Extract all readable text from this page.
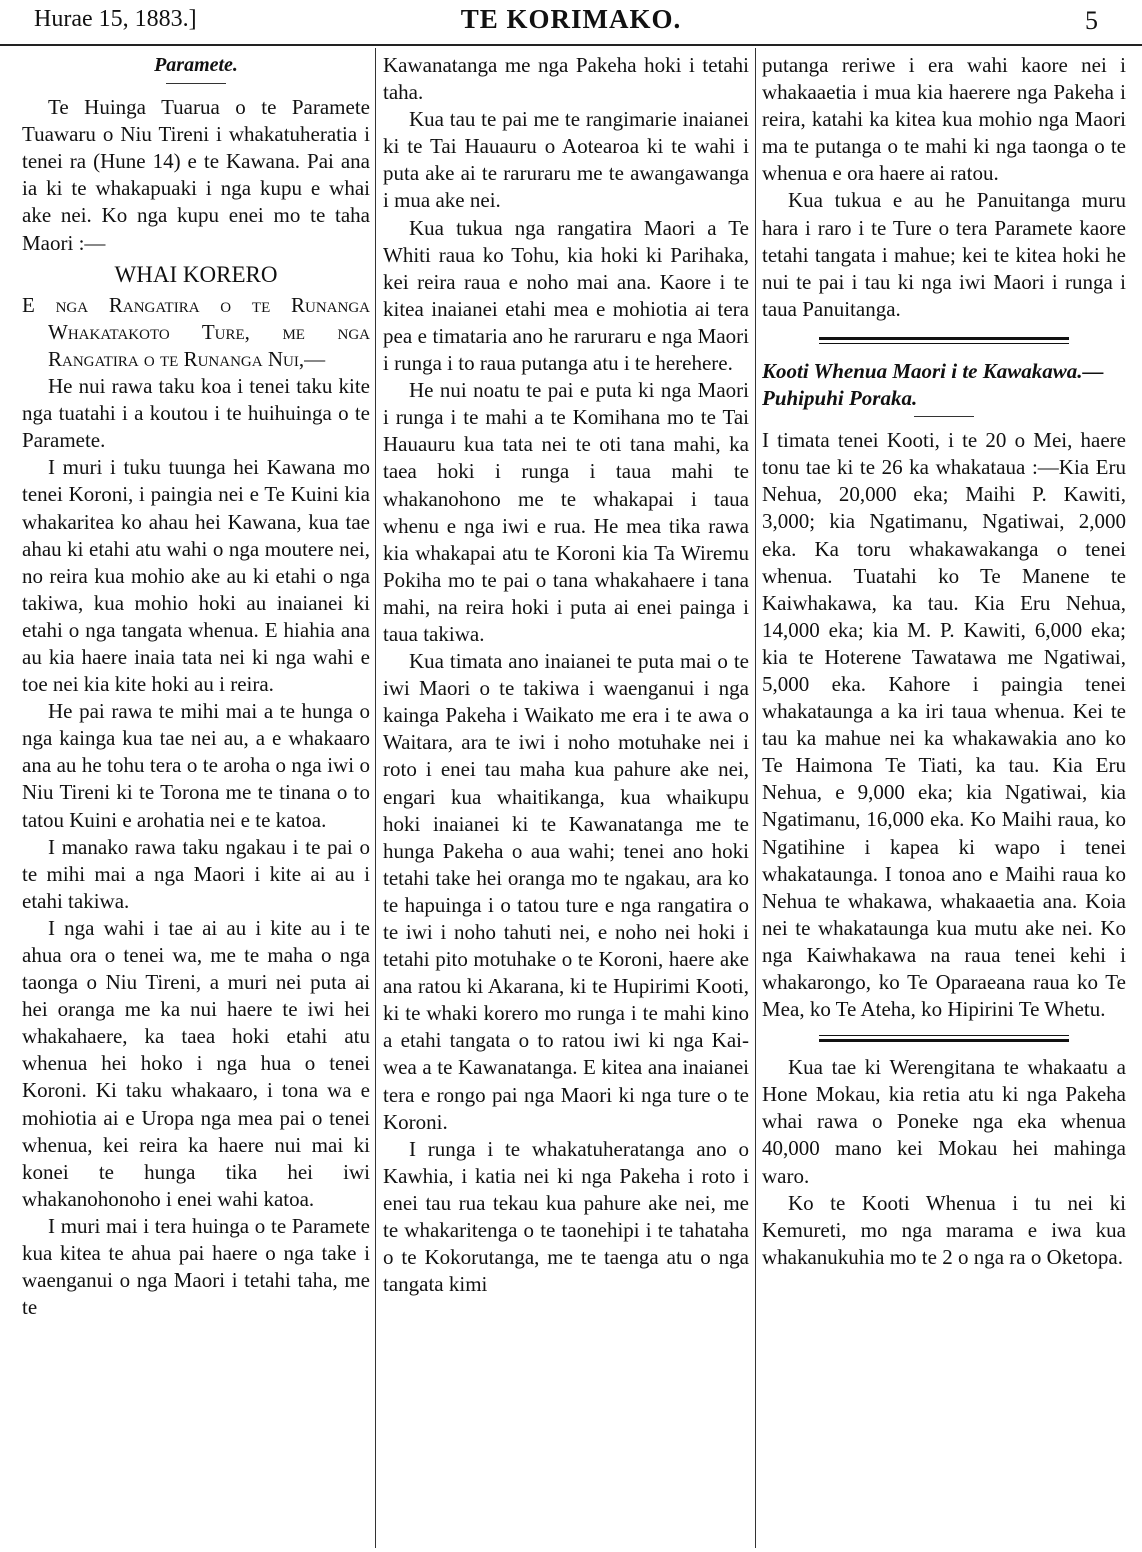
Hurae 15, 1883.]	TE KORIMAKO.	5
Paramete.

Te Huinga Tuarua o te Paramete Tuawaru o Niu Tireni i whakatuheratia i tenei ra (Hune 14) e te Kawana. Pai ana ia ki te whakapuaki i nga kupu e whai ake nei. Ko nga kupu enei mo te taha Maori :—

WHAI KORERO

E nga Rangatira o te Runanga Whakatakoto Ture, me nga Rangatira o te Runanga Nui,—

He nui rawa taku koa i tenei taku kite nga tuatahi i a koutou i te huihuinga o te Paramete.

I muri i tuku tuunga hei Kawana mo tenei Koroni, i paingia nei e Te Kuini kia whakaritea ko ahau hei Kawana, kua tae ahau ki etahi atu wahi o nga moutere nei, no reira kua mohio ake au ki etahi o nga takiwa, kua mohio hoki au inaianei ki etahi o nga tangata whenua. E hiahia ana au kia haere inaia tata nei ki nga wahi e toe nei kia kite hoki au i reira.

He pai rawa te mihi mai a te hunga o nga kainga kua tae nei au, a e whakaaro ana au he tohu tera o te aroha o nga iwi o Niu Tireni ki te Torona me te tinana o to tatou Kuini e arohatia nei e te katoa.

I manako rawa taku ngakau i te pai o te mihi mai a nga Maori i kite ai au i etahi takiwa.

I nga wahi i tae ai au i kite au i te ahua ora o tenei wa, me te maha o nga taonga o Niu Tireni, a muri nei puta ai hei oranga me ka nui haere te iwi hei whakahaere, ka taea hoki etahi atu whenua hei hoko i nga hua o tenei Koroni. Ki taku whakaaro, i tona wa e mohiotia ai e Uropa nga mea pai o tenei whenua, kei reira ka haere nui mai ki konei te hunga tika hei iwi whakanohonoho i enei wahi katoa.

I muri mai i tera huinga o te Paramete kua kitea te ahua pai haere o nga take i waenganui o nga Maori i tetahi taha, me te

Kawanatanga me nga Pakeha hoki i tetahi taha.

Kua tau te pai me te rangimarie inaianei ki te Tai Hauauru o Aotearoa ki te wahi i puta ake ai te raruraru me te awangawanga i mua ake nei.

Kua tukua nga rangatira Maori a Te Whiti raua ko Tohu, kia hoki ki Parihaka, kei reira raua e noho mai ana. Kaore i te kitea inaianei etahi mea e mohiotia ai tera pea e timataria ano he raruraru e nga Maori i runga i to raua putanga atu i te hereherе.

He nui noatu te pai e puta ki nga Maori i runga i te mahi a te Komihana mo te Tai Hauauru kua tata nei te oti tana mahi, ka taea hoki i runga i taua mahi te whakanohono me te whakapai i taua whenu e nga iwi e rua. He mea tika rawa kia whakapai atu te Koroni kia Ta Wiremu Pokiha mo te pai o tana whakahaere i tana mahi, na reira hoki i puta ai enei painga i taua takiwa.

Kua timata ano inaianei te puta mai o te iwi Maori o te takiwa i waenganui i nga kainga Pakeha i Waikato me era i te awa o Waitara, ara te iwi i noho motuhake nei i roto i enei tau maha kua pahure ake nei, engari kua whaitikanga, kua whaikupu hoki inaianei ki te Kawanatanga me te hunga Pakeha o aua wahi; tenei ano hoki tetahi take hei oranga mo te ngakau, ara ko te hapuinga i o tatou ture e nga rangatira o te iwi i noho tahuti nei, e noho nei hoki i tetahi pito motuhake o te Koroni, haere ake ana ratou ki Akarana, ki te Hupirimi Kooti, ki te whaki korero mo runga i te mahi kino a etahi tangata o to ratou iwi ki nga Kai-wea a te Kawanatanga. E kitea ana inaianei tera e rongo pai nga Maori ki nga ture o te Koroni.

I runga i te whakatuheratanga ano o Kawhia, i katia nei ki nga Pakeha i roto i enei tau rua tekau kua pahure ake nei, me te whakaritenga o te taonehipi i te tahataha o te Kokorutanga, me te taenga atu o nga tangata kimi

putanga reriwe i era wahi kaore nei i whakaaetia i mua kia haerere nga Pakeha i reira, katahi ka kitea kua mohio nga Maori ma te putanga o te mahi ki nga taonga o te whenua e ora haere ai ratou.

Kua tukua e au he Panuitanga muru hara i raro i te Ture o tera Paramete kaore tetahi tangata i mahue; kei te kitea hoki he nui te pai i tau ki nga iwi Maori i runga i taua Panuitanga.

Kooti Whenua Maori i te Kawakawa.—Puhipuhi Poraka.

I timata tenei Kooti, i te 20 o Mei, haere tonu tae ki te 26 ka whakataua :—Kia Eru Nehua, 20,000 eka; Maihi P. Kawiti, 3,000; kia Ngatimanu, Ngatiwai, 2,000 eka. Ka toru whakawakanga o tenei whenua. Tuatahi ko Te Manene te Kaiwhakawa, ka tau. Kia Eru Nehua, 14,000 eka; kia M. P. Kawiti, 6,000 eka; kia te Hoterene Tawatawa me Ngatiwai, 5,000 eka. Kahore i paingia tenei whakataunga a ka iri taua whenua. Kei te tau ka mahue nei ka whakawakia ano ko Te Haimona Te Tiati, ka tau. Kia Eru Nehua, e 9,000 eka; kia Ngatiwai, kia Ngatimanu, 16,000 eka. Ko Maihi raua, ko Ngatihine i kapea ki wapo i tenei whakataunga. I tonoa ano e Maihi raua ko Nehua te whakawa, whakaaetia ana. Koia nei te whakataunga kua mutu ake nei. Ko nga Kaiwhakawa na raua tenei kehi i whakarongo, ko Te Oparaeana raua ko Te Mea, ko Te Ateha, ko Hipirini Te Whetu.

Kua tae ki Werengitana te whakaatu a Hone Mokau, kia retia atu ki nga Pakeha whai rawa o Poneke nga eka whenua 40,000 mano kei Mokau hei mahinga waro.

Ko te Kooti Whenua i tu nei ki Kemureti, mo nga marama e iwa kua whakanukuhia mo te 2 o nga ra o Oketopa.
